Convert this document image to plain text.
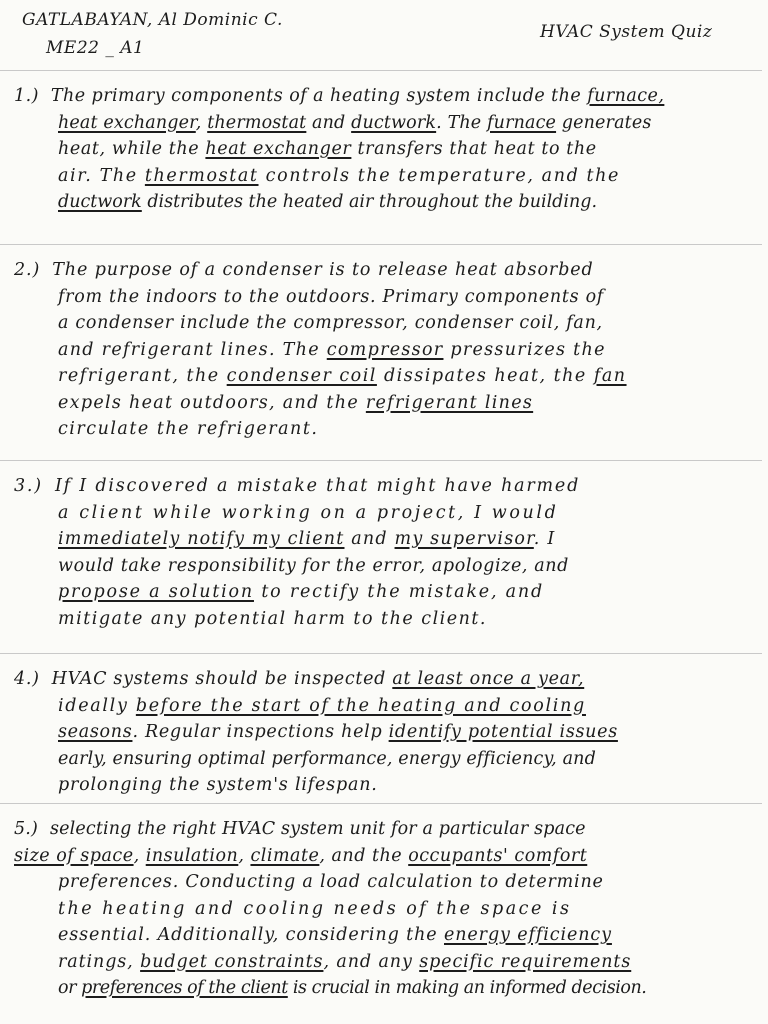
GATLABAYAN, Al Dominic C.
ME22 _ A1
HVAC System Quiz
1.) The primary components of a heating system include the furnace,
heat exchanger, thermostat and ductwork. The furnace generates
heat, while the heat exchanger transfers that heat to the
air. The thermostat controls the temperature, and the
ductwork distributes the heated air throughout the building.
2.) The purpose of a condenser is to release heat absorbed
from the indoors to the outdoors. Primary components of
a condenser include the compressor, condenser coil, fan,
and refrigerant lines. The compressor pressurizes the
refrigerant, the condenser coil dissipates heat, the fan
expels heat outdoors, and the refrigerant lines
circulate the refrigerant.
3.) If I discovered a mistake that might have harmed
a client while working on a project, I would
immediately notify my client and my supervisor. I
would take responsibility for the error, apologize, and
propose a solution to rectify the mistake, and
mitigate any potential harm to the client.
4.) HVAC systems should be inspected at least once a year,
ideally before the start of the heating and cooling
seasons. Regular inspections help identify potential issues
early, ensuring optimal performance, energy efficiency, and
prolonging the system's lifespan.
5.) selecting the right HVAC system unit for a particular space
size of space, insulation, climate, and the occupants' comfort
preferences. Conducting a load calculation to determine
the heating and cooling needs of the space is
essential. Additionally, considering the energy efficiency
ratings, budget constraints, and any specific requirements
or preferences of the client is crucial in making an informed decision.
